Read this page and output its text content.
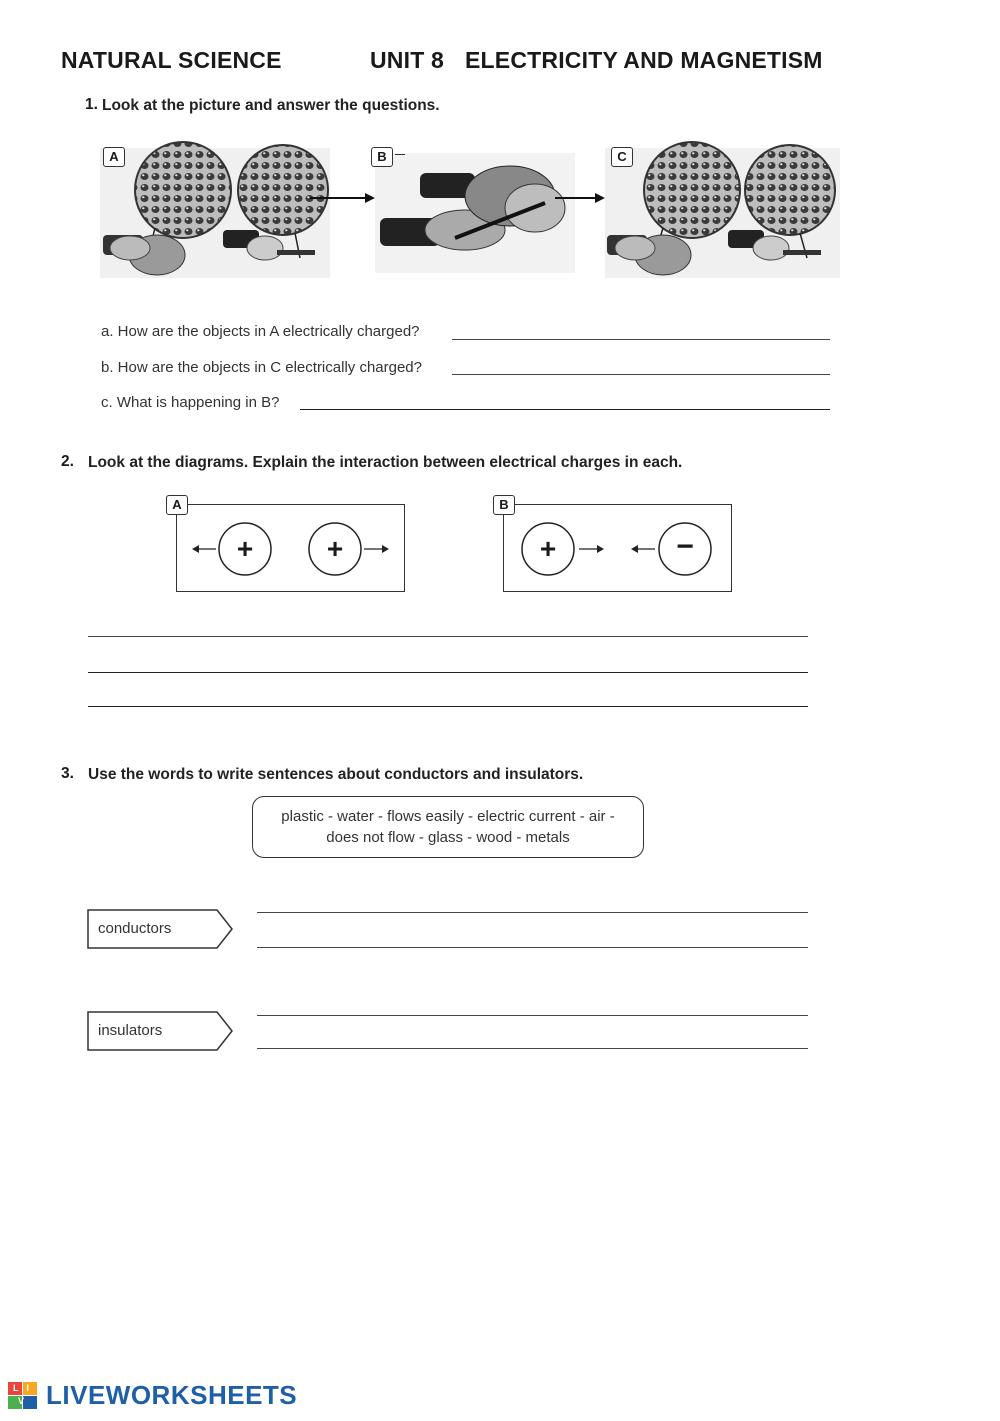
NATURAL SCIENCE	UNIT 8 ELECTRICITY AND MAGNETISM
1. Look at the picture and answer the questions.
A	B	C
a. How are the objects in A electrically charged?
b. How are the objects in C electrically charged?
c. What is happening in B?
2. Look at the diagrams. Explain the interaction between electrical charges in each.
+	+
A
+	−
B
3. Use the words to write sentences about conductors and insulators.
plastic - water - flows easily - electric current - air -
does not flow - glass - wood - metals
conductors
insulators
LIVE
LIVEWORKSHEETS
